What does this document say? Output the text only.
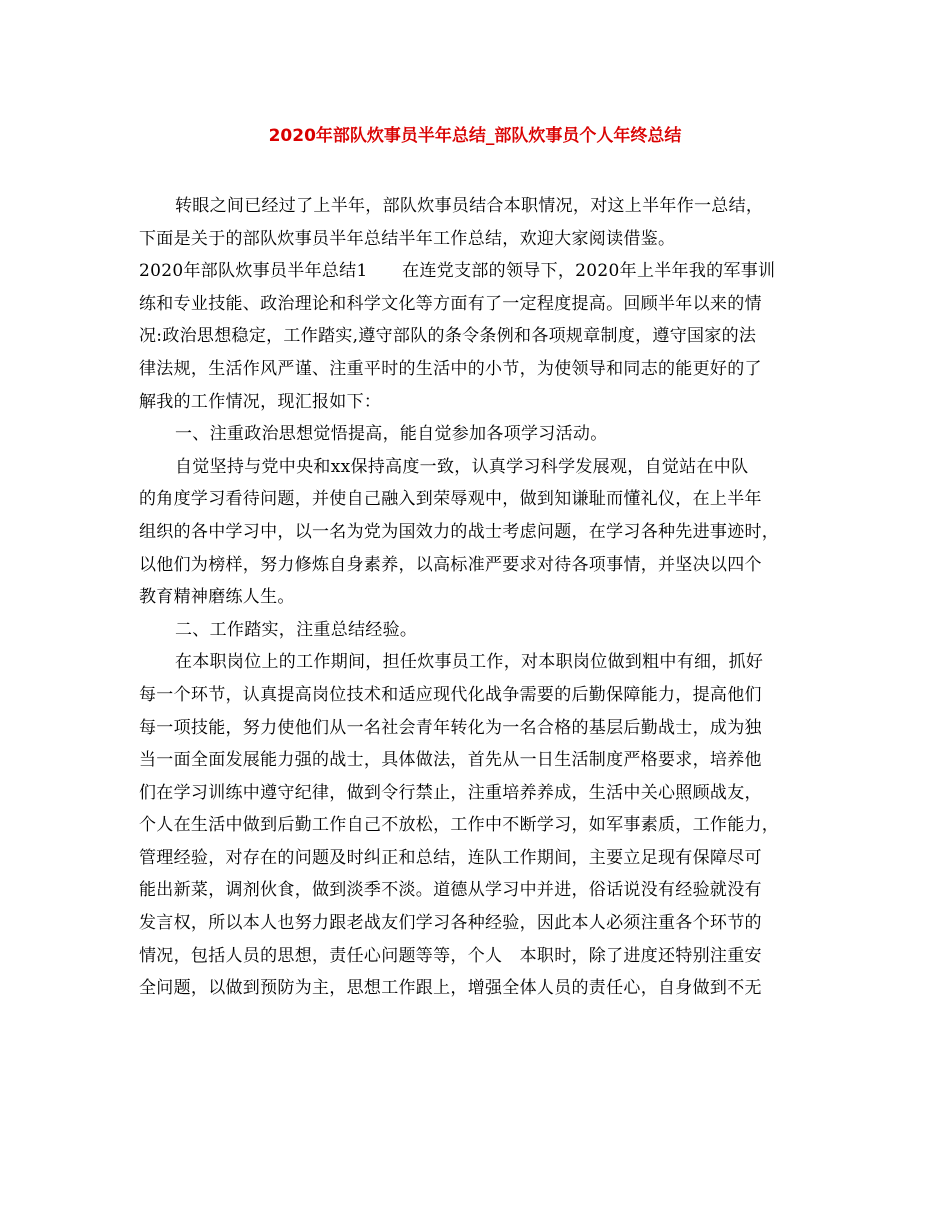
2020年部队炊事员半年总结_部队炊事员个人年终总结

转眼之间已经过了上半年，部队炊事员结合本职情况，对这上半年作一总结，

下面是关于的部队炊事员半年总结半年工作总结，欢迎大家阅读借鉴。

2020年部队炊事员半年总结1　　在连党支部的领导下，2020年上半年我的军事训

练和专业技能、政治理论和科学文化等方面有了一定程度提高。回顾半年以来的情

况:政治思想稳定，工作踏实,遵守部队的条令条例和各项规章制度，遵守国家的法

律法规，生活作风严谨、注重平时的生活中的小节，为使领导和同志的能更好的了

解我的工作情况，现汇报如下：

一、注重政治思想觉悟提高，能自觉参加各项学习活动。

自觉坚持与党中央和xx保持高度一致，认真学习科学发展观，自觉站在中队

的角度学习看待问题，并使自己融入到荣辱观中，做到知谦耻而懂礼仪，在上半年

组织的各中学习中，以一名为党为国效力的战士考虑问题，在学习各种先进事迹时，

以他们为榜样，努力修炼自身素养，以高标准严要求对待各项事情，并坚决以四个

教育精神磨练人生。

二、工作踏实，注重总结经验。

在本职岗位上的工作期间，担任炊事员工作，对本职岗位做到粗中有细，抓好

每一个环节，认真提高岗位技术和适应现代化战争需要的后勤保障能力，提高他们

每一项技能，努力使他们从一名社会青年转化为一名合格的基层后勤战士，成为独

当一面全面发展能力强的战士，具体做法，首先从一日生活制度严格要求，培养他

们在学习训练中遵守纪律，做到令行禁止，注重培养养成，生活中关心照顾战友，

个人在生活中做到后勤工作自己不放松，工作中不断学习，如军事素质，工作能力，

管理经验，对存在的问题及时纠正和总结，连队工作期间，主要立足现有保障尽可

能出新菜，调剂伙食，做到淡季不淡。道德从学习中并进，俗话说没有经验就没有

发言权，所以本人也努力跟老战友们学习各种经验，因此本人必须注重各个环节的

情况，包括人员的思想，责任心问题等等，个人　本职时，除了进度还特别注重安

全问题，以做到预防为主，思想工作跟上，增强全体人员的责任心，自身做到不无
